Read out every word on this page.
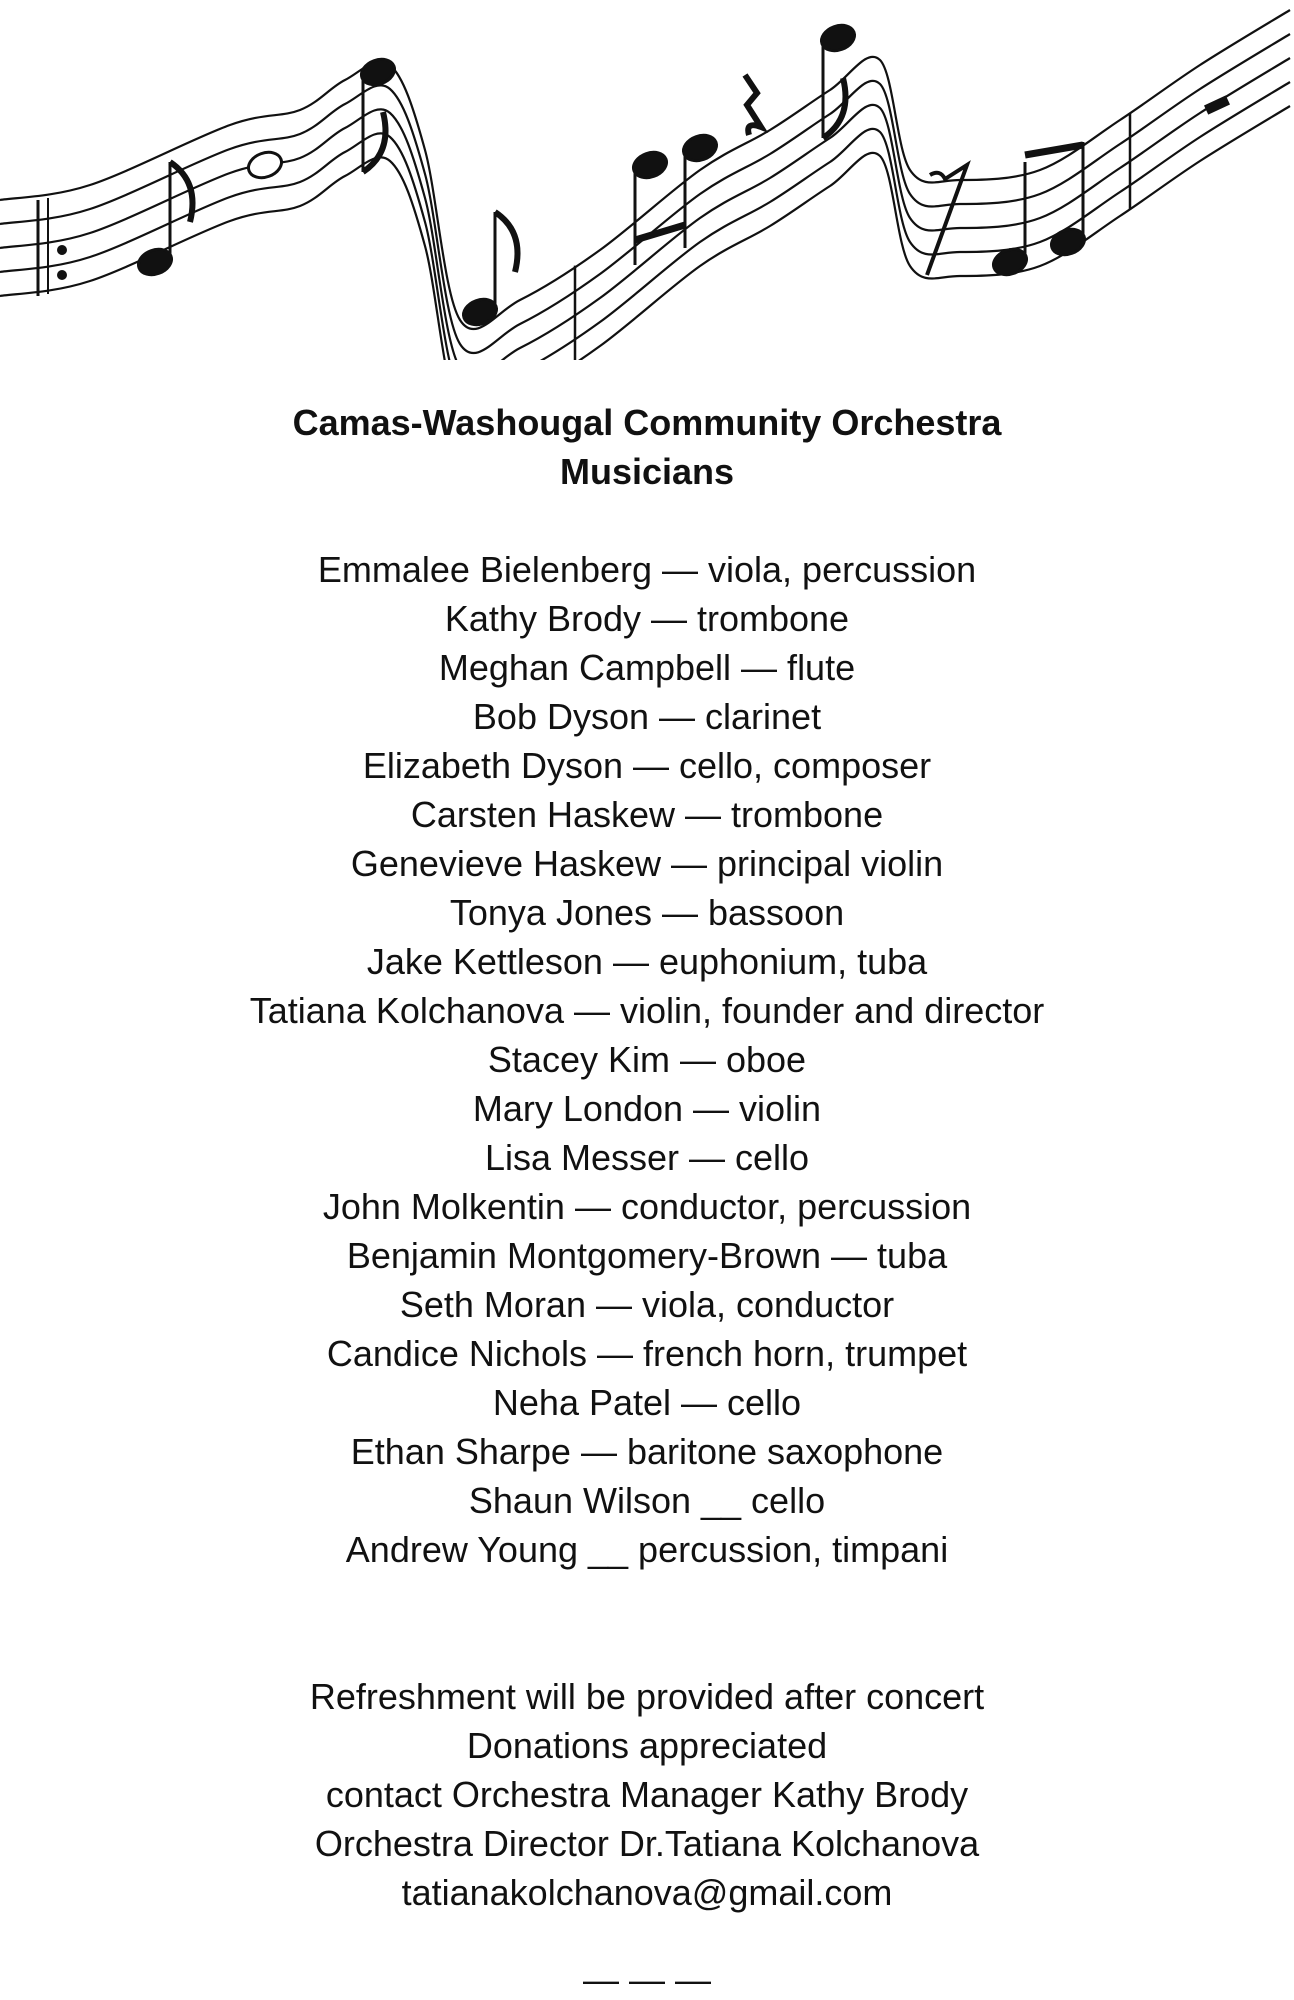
Camas-Washougal Community Orchestra

Musicians

Emmalee Bielenberg — viola, percussion
Kathy Brody — trombone
Meghan Campbell — flute
Bob Dyson — clarinet
Elizabeth Dyson — cello, composer
Carsten Haskew — trombone
Genevieve Haskew — principal violin
Tonya Jones — bassoon
Jake Kettleson — euphonium, tuba
Tatiana Kolchanova — violin, founder and director
Stacey Kim — oboe
Mary London — violin
Lisa Messer — cello
John Molkentin — conductor, percussion
Benjamin Montgomery-Brown — tuba
Seth Moran — viola, conductor
Candice Nichols — french horn, trumpet
Neha Patel — cello
Ethan Sharpe — baritone saxophone
Shaun Wilson __ cello
Andrew Young __ percussion, timpani
Refreshment will be provided after concert
Donations appreciated
contact Orchestra Manager Kathy Brody
Orchestra Director Dr.Tatiana Kolchanova
tatianakolchanova@gmail.com
— — —
